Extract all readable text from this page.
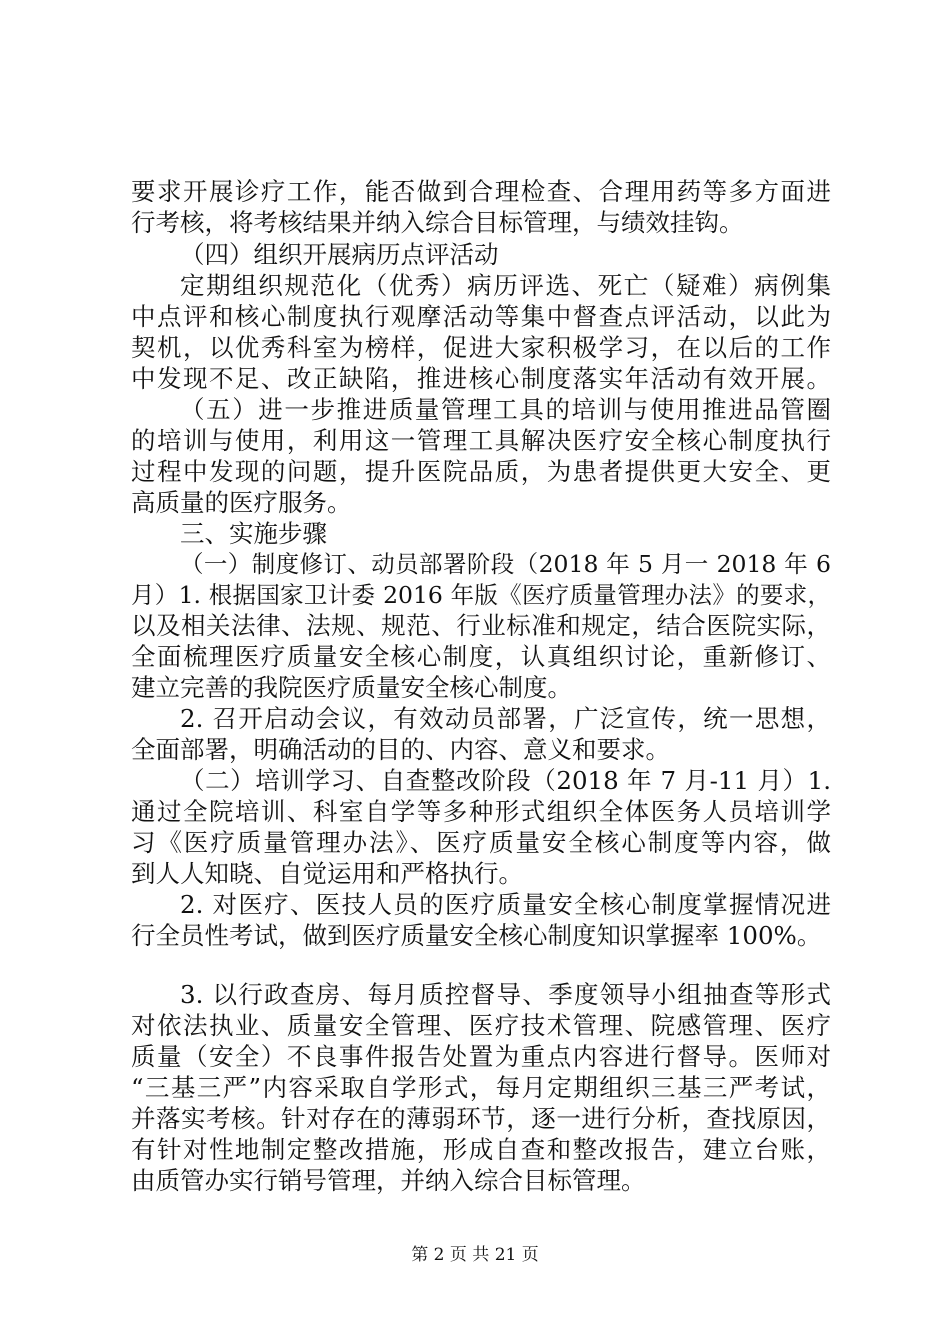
要求开展诊疗工作，能否做到合理检查、合理用药等多方面进
行考核，将考核结果并纳入综合目标管理，与绩效挂钩。
（四）组织开展病历点评活动
定期组织规范化（优秀）病历评选、死亡（疑难）病例集
中点评和核心制度执行观摩活动等集中督查点评活动，以此为
契机，以优秀科室为榜样，促进大家积极学习，在以后的工作
中发现不足、改正缺陷，推进核心制度落实年活动有效开展。
（五）进一步推进质量管理工具的培训与使用推进品管圈
的培训与使用，利用这一管理工具解决医疗安全核心制度执行
过程中发现的问题，提升医院品质，为患者提供更大安全、更
高质量的医疗服务。
三、实施步骤
（一）制度修订、动员部署阶段（2018 年 5 月一 2018 年 6
月）1. 根据国家卫计委 2016 年版《医疗质量管理办法》的要求，
以及相关法律、法规、规范、行业标准和规定，结合医院实际，
全面梳理医疗质量安全核心制度，认真组织讨论，重新修订、
建立完善的我院医疗质量安全核心制度。
2. 召开启动会议，有效动员部署，广泛宣传，统一思想，
全面部署，明确活动的目的、内容、意义和要求。
（二）培训学习、自查整改阶段（2018 年 7 月-11 月）1.
通过全院培训、科室自学等多种形式组织全体医务人员培训学
习《医疗质量管理办法》、医疗质量安全核心制度等内容，做
到人人知晓、自觉运用和严格执行。
2. 对医疗、医技人员的医疗质量安全核心制度掌握情况进
行全员性考试，做到医疗质量安全核心制度知识掌握率 100%。
3. 以行政查房、每月质控督导、季度领导小组抽查等形式
对依法执业、质量安全管理、医疗技术管理、院感管理、医疗
质量（安全）不良事件报告处置为重点内容进行督导。医师对
“三基三严”内容采取自学形式，每月定期组织三基三严考试，
并落实考核。针对存在的薄弱环节，逐一进行分析，查找原因，
有针对性地制定整改措施，形成自查和整改报告，建立台账，
由质管办实行销号管理，并纳入综合目标管理。
第 2 页 共 21 页
